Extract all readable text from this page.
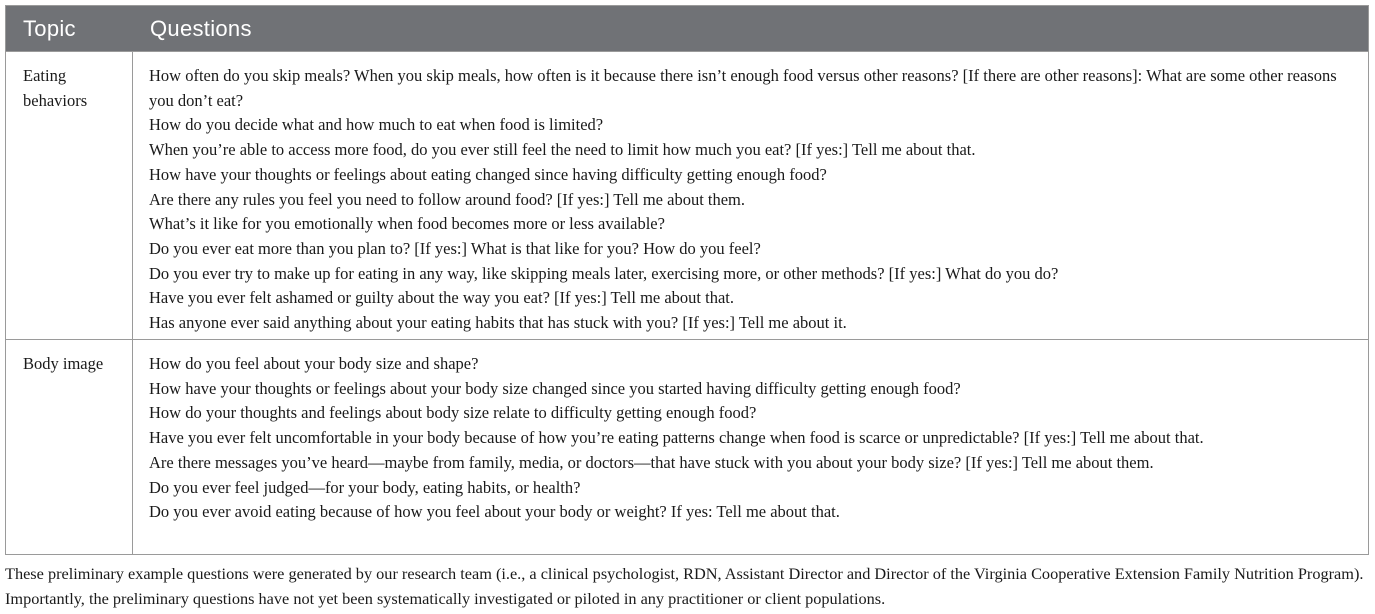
Topic	Questions
Eating behaviors
How often do you skip meals? When you skip meals, how often is it because there isn’t enough food versus other reasons? [If there are other reasons]: What are some other reasons you don’t eat?
How do you decide what and how much to eat when food is limited?
When you’re able to access more food, do you ever still feel the need to limit how much you eat? [If yes:] Tell me about that.
How have your thoughts or feelings about eating changed since having difficulty getting enough food?
Are there any rules you feel you need to follow around food? [If yes:] Tell me about them.
What’s it like for you emotionally when food becomes more or less available?
Do you ever eat more than you plan to? [If yes:] What is that like for you? How do you feel?
Do you ever try to make up for eating in any way, like skipping meals later, exercising more, or other methods? [If yes:] What do you do?
Have you ever felt ashamed or guilty about the way you eat? [If yes:] Tell me about that.
Has anyone ever said anything about your eating habits that has stuck with you? [If yes:] Tell me about it.
Body image	How do you feel about your body size and shape?
How have your thoughts or feelings about your body size changed since you started having difficulty getting enough food?
How do your thoughts and feelings about body size relate to difficulty getting enough food?
Have you ever felt uncomfortable in your body because of how you’re eating patterns change when food is scarce or unpredictable? [If yes:] Tell me about that.
Are there messages you’ve heard—maybe from family, media, or doctors—that have stuck with you about your body size? [If yes:] Tell me about them.
Do you ever feel judged—for your body, eating habits, or health?
Do you ever avoid eating because of how you feel about your body or weight? If yes: Tell me about that.
These preliminary example questions were generated by our research team (i.e., a clinical psychologist, RDN, Assistant Director and Director of the Virginia Cooperative Extension Family Nutrition Program). Importantly, the preliminary questions have not yet been systematically investigated or piloted in any practitioner or client populations.
